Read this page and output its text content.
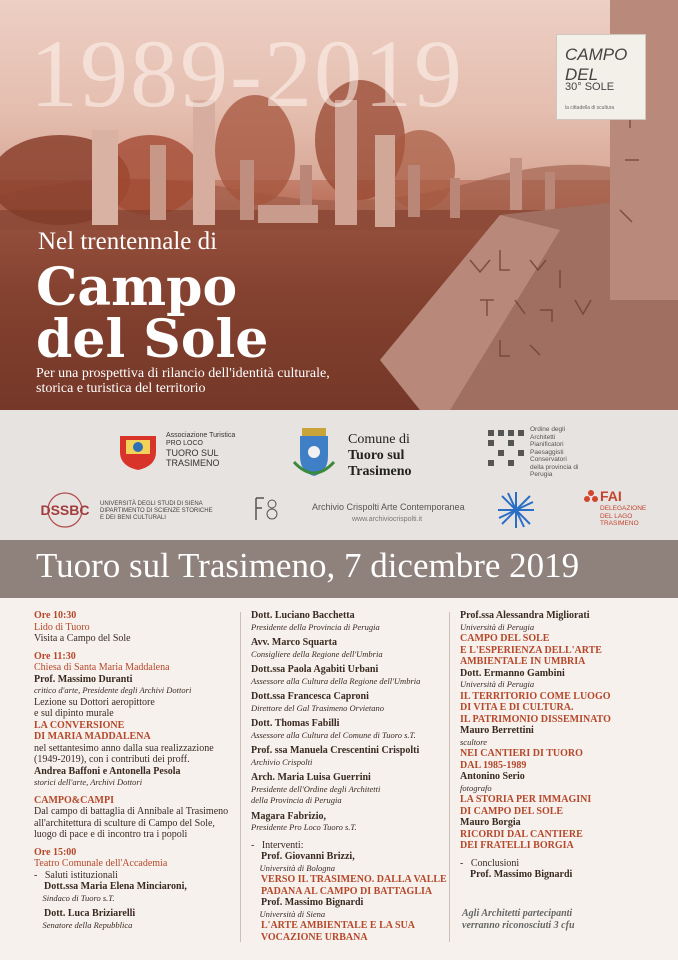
1989-2019	CAMPO DEL
30° SOLE
la cittadella di scultura
Nel trentennale di
Campo del Sole
Per una prospettiva di rilancio dell'identità culturale, storica e turistica del territorio
Associazione Turistica
PRO LOCO
TUORO SUL
TRASIMENO
Comune di
Tuoro sul
Trasimeno
Ordine degli
Architetti
Pianificatori
Paesaggisti
Conservatori
della provincia di
Perugia
DSSBC	UNIVERSITÀ DEGLI STUDI DI SIENA
DIPARTIMENTO DI SCIENZE STORICHE
E DEI BENI CULTURALI
Archivio Crispolti Arte Contemporanea
www.archiviocrispolti.it
FAI
DELEGAZIONE
DEL LAGO
TRASIMENO
Tuoro sul Trasimeno, 7 dicembre 2019
Ore 10:30
Lido di Tuoro
Visita a Campo del Sole
Ore 11:30
Chiesa di Santa Maria Maddalena
Prof. Massimo Duranti
critico d'arte, Presidente degli Archivi Dottori
Lezione su Dottori aeropittore
e sul dipinto murale
LA CONVERSIONE
DI MARIA MADDALENA
nel settantesimo anno dalla sua realizzazione
(1949-2019), con i contributi dei proff.
Andrea Baffoni e Antonella Pesola
storici dell'arte, Archivi Dottori
CAMPO&CAMPI
Dal campo di battaglia di Annibale al Trasimeno
all'architettura di sculture di Campo del Sole,
luogo di pace e di incontro tra i popoli
Ore 15:00
Teatro Comunale dell'Accademia
-   Saluti istituzionali
Dott.ssa Maria Elena Minciaroni,
Sindaco di Tuoro s.T.
Dott. Luca Briziarelli
Senatore della Repubblica
Dott. Luciano Bacchetta
Presidente della Provincia di Perugia
Avv. Marco Squarta
Consigliere della Regione dell'Umbria
Dott.ssa Paola Agabiti Urbani
Assessore alla Cultura della Regione dell'Umbria
Dott.ssa Francesca Caproni
Direttore del Gal Trasimeno Orvietano
Dott. Thomas Fabilli
Assessore alla Cultura del Comune di Tuoro s.T.
Prof. ssa Manuela Crescentini Crispolti
Archivio Crispolti
Arch. Maria Luisa Guerrini
Presidente dell'Ordine degli Architetti
della Provincia di Perugia
Magara Fabrizio,
Presidente Pro Loco Tuoro s.T.
-   Interventi:
Prof. Giovanni Brizzi,
Università di Bologna
VERSO IL TRASIMENO. DALLA VALLE
PADANA AL CAMPO DI BATTAGLIA
Prof. Massimo Bignardi
Università di Siena
L'ARTE AMBIENTALE E LA SUA
VOCAZIONE URBANA
Prof.ssa Alessandra Migliorati
Università di Perugia
CAMPO DEL SOLE
E L'ESPERIENZA DELL'ARTE
AMBIENTALE IN UMBRIA
Dott. Ermanno Gambini
Università di Perugia
IL TERRITORIO COME LUOGO
DI VITA E DI CULTURA.
IL PATRIMONIO DISSEMINATO
Mauro Berrettini
scultore
NEI CANTIERI DI TUORO
DAL 1985-1989
Antonino Serio
fotografo
LA STORIA PER IMMAGINI
DI CAMPO DEL SOLE
Mauro Borgia
RICORDI DAL CANTIERE
DEI FRATELLI BORGIA
-   Conclusioni
Prof. Massimo Bignardi
Agli Architetti partecipanti
verranno riconosciuti 3 cfu
